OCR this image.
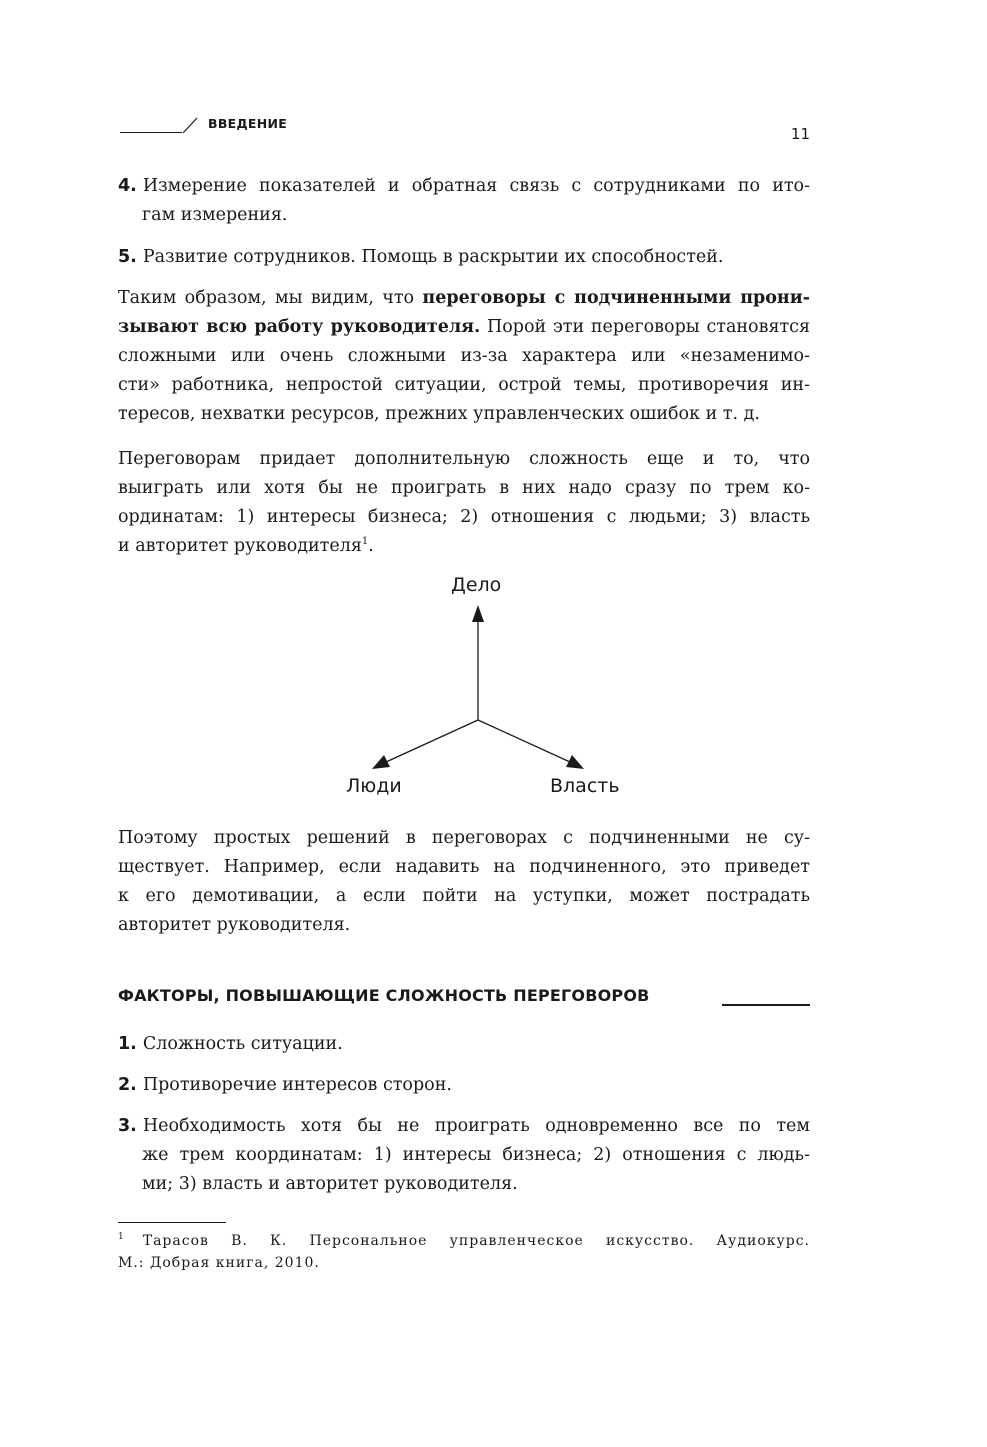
ВВЕДЕНИЕ
11
4. Измерение показателей и обратная связь с сотрудниками по ито-
гам измерения.
5. Развитие сотрудников. Помощь в раскрытии их способностей.
Таким образом, мы видим, что переговоры с подчиненными прони-
зывают всю работу руководителя. Порой эти переговоры становятся
сложными или очень сложными из-за характера или «незаменимо-
сти» работника, непростой ситуации, острой темы, противоречия ин-
тересов, нехватки ресурсов, прежних управленческих ошибок и т. д.
Переговорам придает дополнительную сложность еще и то, что
выиграть или хотя бы не проиграть в них надо сразу по трем ко-
ординатам: 1) интересы бизнеса; 2) отношения с людьми; 3) власть
и авторитет руководителя$^1$.
Дело
Люди	Власть
Поэтому простых решений в переговорах с подчиненными не су-
ществует. Например, если надавить на подчиненного, это приведет
к его демотивации, а если пойти на уступки, может пострадать
авторитет руководителя.
ФАКТОРЫ, ПОВЫШАЮЩИЕ СЛОЖНОСТЬ ПЕРЕГОВОРОВ
1. Сложность ситуации.
2. Противоречие интересов сторон.
3. Необходимость хотя бы не проиграть одновременно все по тем
же трем координатам: 1) интересы бизнеса; 2) отношения с людь-
ми; 3) власть и авторитет руководителя.
$^1$ Тарасов В. К. Персональное управленческое искусство. Аудиокурс.
М.: Добрая книга, 2010.
